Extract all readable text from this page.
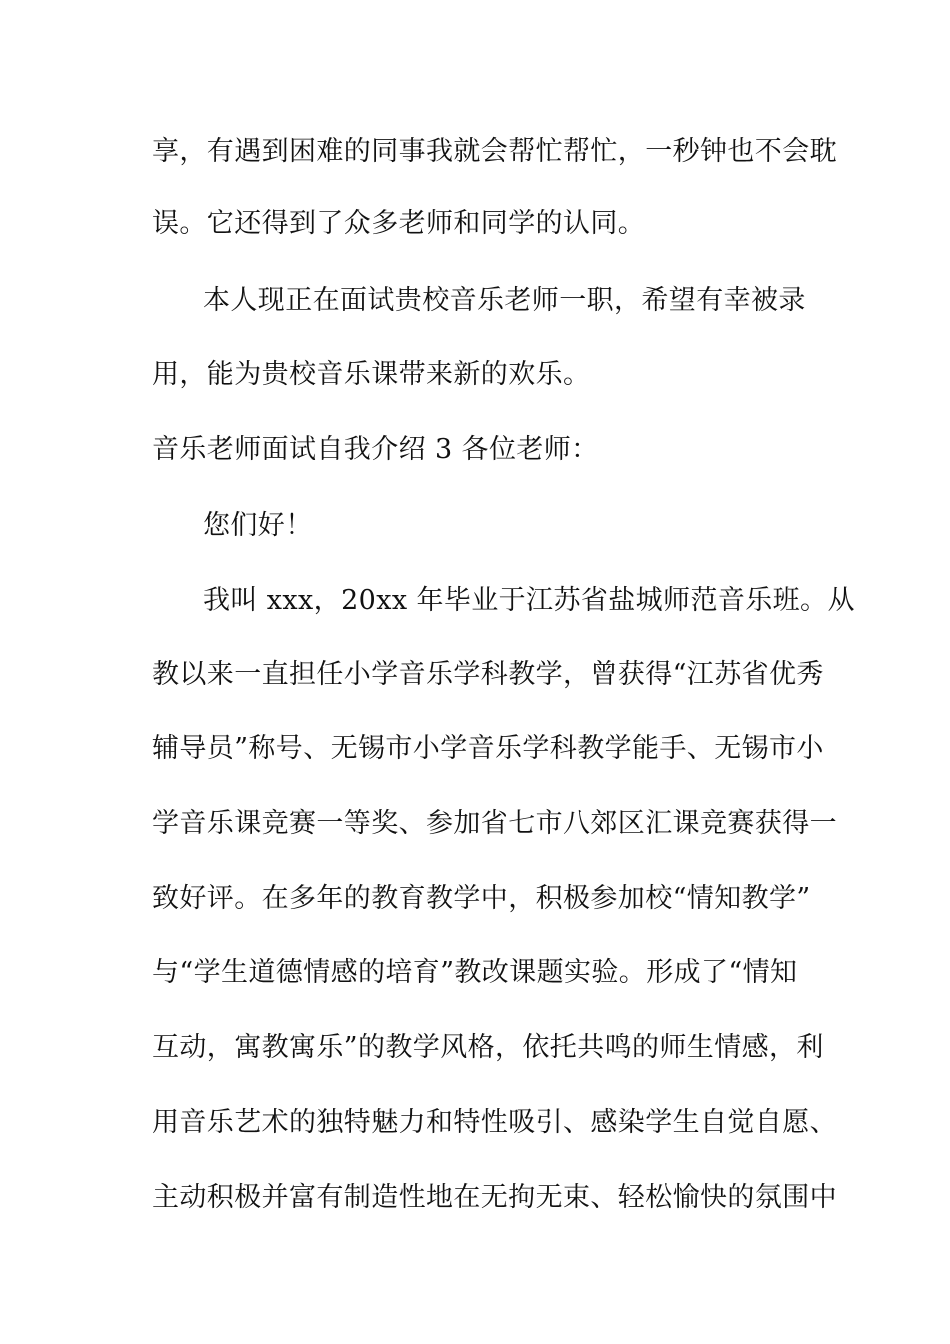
享，有遇到困难的同事我就会帮忙帮忙，一秒钟也不会耽
误。它还得到了众多老师和同学的认同。
本人现正在面试贵校音乐老师一职，希望有幸被录
用，能为贵校音乐课带来新的欢乐。
音乐老师面试自我介绍 3 各位老师：
您们好！
我叫 xxx，20xx 年毕业于江苏省盐城师范音乐班。从
教以来一直担任小学音乐学科教学，曾获得“江苏省优秀
辅导员”称号、无锡市小学音乐学科教学能手、无锡市小
学音乐课竞赛一等奖、参加省七市八郊区汇课竞赛获得一
致好评。在多年的教育教学中，积极参加校“情知教学”
与“学生道德情感的培育”教改课题实验。形成了“情知
互动，寓教寓乐”的教学风格，依托共鸣的师生情感，利
用音乐艺术的独特魅力和特性吸引、感染学生自觉自愿、
主动积极并富有制造性地在无拘无束、轻松愉快的氛围中
